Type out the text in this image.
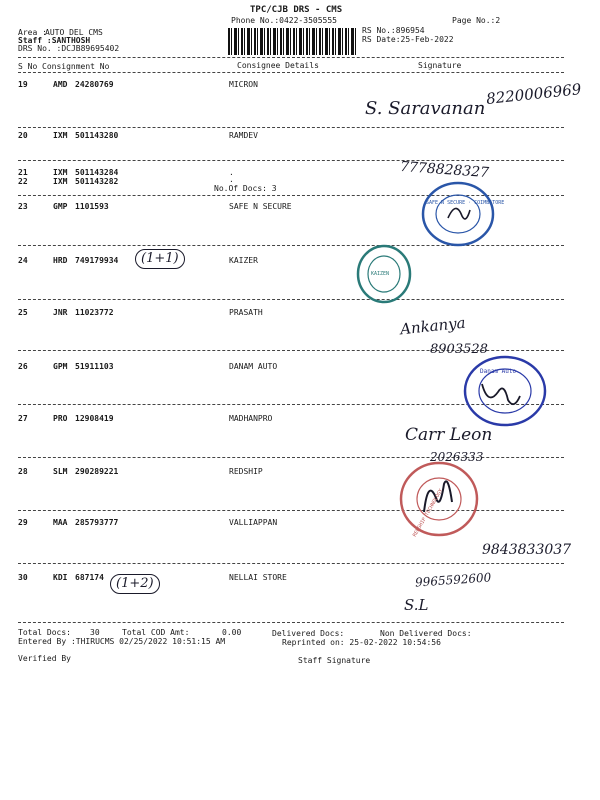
TPC/CJB DRS - CMS
Phone No.:0422-3505555
Area :
AUTO DEL CMS
Staff :SANTHOSH
DRS No. :DCJB89695402
RS No.:896954
RS Date:25-Feb-2022
Page No.:2
S No Consignment No	Consignee Details	Signature
19	AMD 24280769	MICRON
20	IXM 501143280	RAMDEV
21	IXM 501143284
22	IXM 501143282
.
.
No.Of Docs: 3
23	GMP 1101593	SAFE N SECURE
24	HRD 749179934	KAIZER
25	JNR 11023772	PRASATH
26	GPM 51911103	DANAM AUTO
27	PRO 12908419	MADHANPRO
28	SLM 290289221	REDSHIP
29	MAA 285793777	VALLIAPPAN
30	KDI 687174	NELLAI STORE
8220006969
S. Saravanan
7778828327
(1+1)
Ankanya
8903528
Carr Leon
2026333
9843833037
9965592600
(1+2)
S.L
SAFE N SECURE · COIMBATORE
KAIZEN
Danam Auto
REDSHIP TECHNOLOGY
Total Docs: 30	Total COD Amt:	0.00	Delivered Docs:	Non Delivered Docs:
Entered By :THIRUCMS 02/25/2022 10:51:15 AM	Reprinted on: 25-02-2022 10:54:56
Verified By	Staff Signature
